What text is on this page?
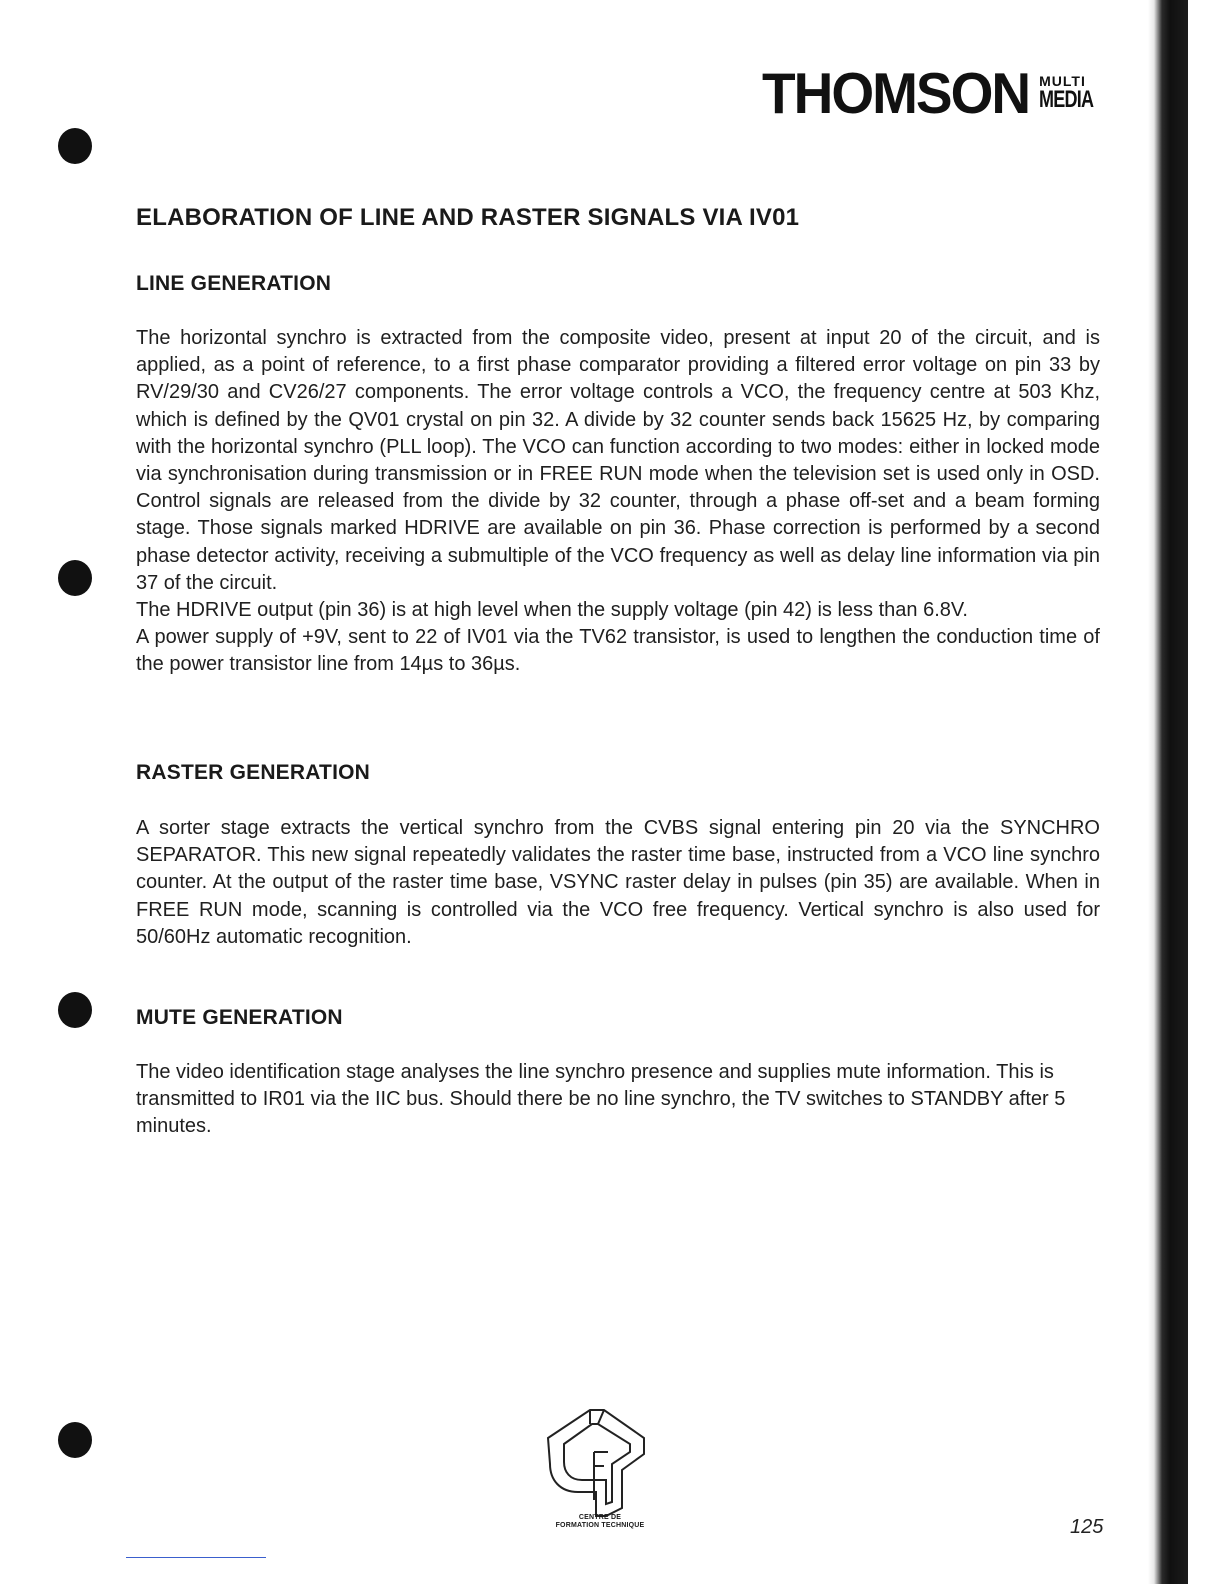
THOMSON MULTI
MEDIA
ELABORATION OF LINE AND RASTER SIGNALS VIA IV01
LINE GENERATION

The horizontal synchro is extracted from the composite video, present at input 20 of the circuit, and is applied, as a point of reference, to a first phase comparator providing a filtered error voltage on pin 33 by RV/29/30 and CV26/27 components. The error voltage controls a VCO, the frequency centre at 503 Khz, which is defined by the QV01 crystal on pin 32. A divide by 32 counter sends back 15625 Hz, by comparing with the horizontal synchro (PLL loop). The VCO can function according to two modes: either in locked mode via synchronisation during transmission or in FREE RUN mode when the television set is used only in OSD. Control signals are released from the divide by 32 counter, through a phase off-set and a beam forming stage. Those signals marked HDRIVE are available on pin 36. Phase correction is performed by a second phase detector activity, receiving a submultiple of the VCO frequency as well as delay line information via pin 37 of the circuit.
The HDRIVE output (pin 36) is at high level when the supply voltage (pin 42) is less than 6.8V.
A power supply of +9V, sent to 22 of IV01 via the TV62 transistor, is used to lengthen the conduction time of the power transistor line from 14µs to 36µs.

RASTER GENERATION

A sorter stage extracts the vertical synchro from the CVBS signal entering pin 20 via the SYNCHRO SEPARATOR. This new signal repeatedly validates the raster time base, instructed from a VCO line synchro counter. At the output of the raster time base, VSYNC raster delay in pulses (pin 35) are available. When in FREE RUN mode, scanning is controlled via the VCO free frequency. Vertical synchro is also used for 50/60Hz automatic recognition.

MUTE GENERATION

The video identification stage analyses the line synchro presence and supplies mute information. This is transmitted to IR01 via the IIC bus. Should there be no line synchro, the TV switches to STANDBY after 5 minutes.

CENTRE DE
FORMATION TECHNIQUE	125
